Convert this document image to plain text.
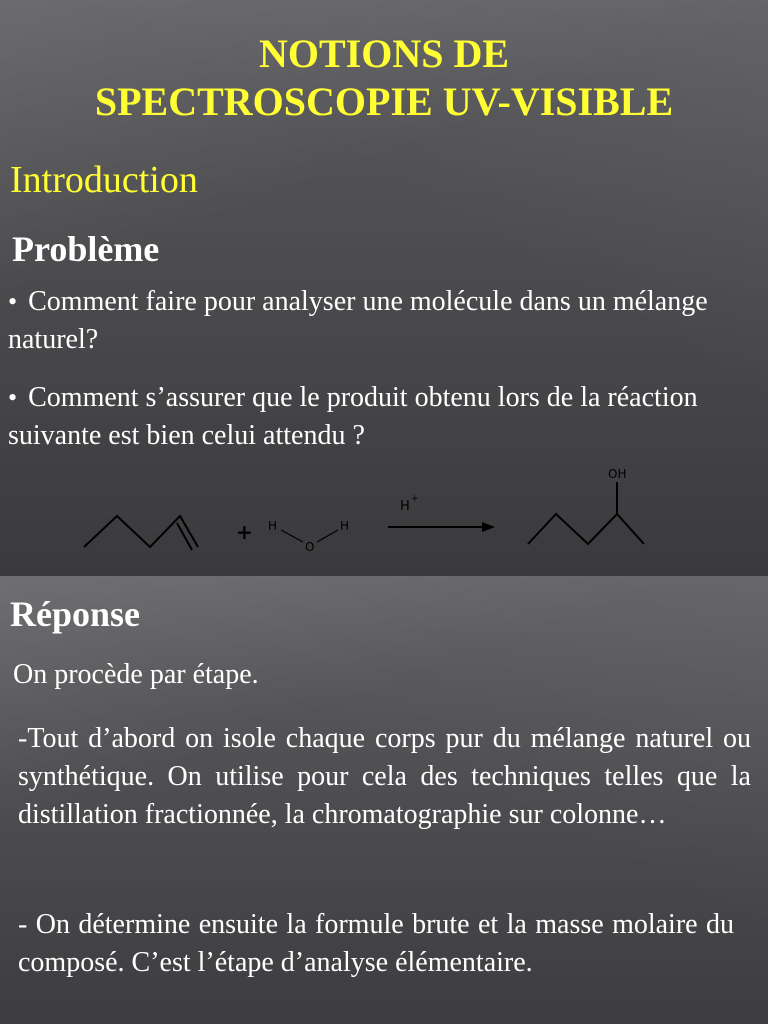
NOTIONS DE
SPECTROSCOPIE UV-VISIBLE
Introduction
Problème
• Comment faire pour analyser une molécule dans un mélange naturel?
• Comment s’assurer que le produit obtenu lors de la réaction suivante est bien celui attendu ?
+ H
O
H
H +
OH
Réponse
On procède par étape.
-Tout d’abord on isole chaque corps pur du mélange naturel ou synthétique. On utilise pour cela des techniques telles que la distillation fractionnée, la chromatographie sur colonne…
- On détermine ensuite la formule brute et la masse molaire du composé. C’est l’étape d’analyse élémentaire.
